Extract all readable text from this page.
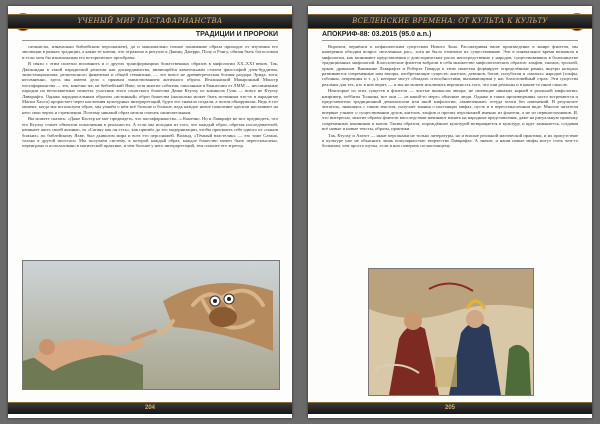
ҮЧЕНЫЙ МИР ПАСТАФАРИАНСТВА
ТРАДИЦИИ И ПРОРОКИ

сатанисты, изначально библейским персонажем), да и максимально точное понимание образа приходит от изучения его эволюции в рамках традиции, а какие ее ключи, что отражено в ритуале к Джину, Джерри, Полу и Рэнгу, обязан быть богословом и если хотя бы изначальным его историческое прообразы.

В связи с этим полезно вспомнить и о других трансформациях божественных образов в мифологии XX–XXI веков. Так, Джокондия в такой парадигмой религии как дискордианства, являющейся язвительным стилем философий дзен-буддизма, экзистенциализма, религиозного фанатизма и общей семантики, — это вовсе не древнегреческая богиня раздора Эрида, хотя, несомненно, здесь мы имеем дело с прямым заимствованием античного образа. Итальянский Макаронный Монстр пастафарианства — это, конечно же, не библейский Яхве, хотя многие события, описанные в Евангелии от ЛММ — несомненные пародии на ветхозаветные сюжеты: участник этого сенатского божества Дюки Ктулху из комиксов Гуин — вовсе не Ктулху Лавкрафта. Однако парадоксальным образом «истинный» образ божества (насколько может быть истинным что-то в парадигме Магии Хаоса) прорастает через наслоения культурных интерпретаций, будто его сначала создали, а потом обнаружили. Ведь в тот момент, когда мы используем образ, мы узнаём о нём всё больше и больше, ведь каждое новое поколение адептов наслаивает на него свои черты и стремления. Поэтому никакой образ нельзя считать окончательным.

Вы можете сказать: «Даже Кастер не мог предвидеть, что пастафарианство...» Конечно. Но и Лавкрафт не мог предвидеть, что его Ктулху станет объектом поклонения в реальности. А если мы исходим из того, что каждый образ, обретая последователей, начинает жить своей жизнью, то «Сатану как он есть», как пришёл до его модернизации, чтобы присвоить себе одного из «сынов божьих» по библейскому Яхве, был дьяволом мира и всех его персонажей. Воланд, «Тёмный властелин» — это тоже Сатана, только в другой ипостаси. Мы получаем систему, в которой каждый образ, каждое божество может быть переосмыслено, переиграно и использовано в магической практике, и чем больше у него интерпретаций, тем сильнее его эгрегор.

204
ВСЕЛЕНСКИЕ ВРЕМЕНА: ОТ КУЛЬТА К КУЛЬТУ
АПОКРИФ-88: 03.2015 (95.0 a.n.)

Впрочем, вернёмся к нефилическим существам Нового Зона. Рассматривая ваше произведение в жанре фэнтези, мы намеренно обходим вопрос «вселенных рас», хотя не было отмечено их существование. Эти в изначальное время возникли в мифологии, как возникают представления о доисторических расах непосредственно у народов, существовавших в большинстве традиционных мифологий. Классические фэнтези вобрали в себя множество мифологических образов: эльфов, гномов, троллей, орков, драконов. Внимание Лавкрафта и Роберта Говарда к этим сюжетам формирует определённые рамки, внутри которых развиваются современные нам авторы, изобретающие существ: ангелов, демонов, богов, полубогов и «малых» народов (эльфы, гоблины, лепреконы и т. д.), которые могут обладать способностями, вызывающими у нас благоговейный страх. Эти существа реальны для тех, кто в них верит, — и мы не можем исключить вероятность того, что они реальны и в каком-то ином смысле.

Некоторые из этих существ в фэнтези — чистые вымыслы автора, не имеющие никаких корней в реальной мифологии; например, хоббиты Толкина, все они — «в какой-то мере» обычные люди. Однако в таких произведениях часто встречаются и представители традиционной демонологии или иной мифологии, «вывезенные» оттуда почти без изменений. В результате читатель, знакомясь с таким текстом, получает знания о настоящих мифах, пусть и в переосмысленном виде. Многие читатели впервые узнают о существовании духов, ангелов, эльфов и прочих персонажей именно из фэнтези, а не из первоисточников. И, что интересно, многие образы фэнтези впоследствии начинают влиять на народные представления, даже на ритуальную практику современных язычников и магов. Таким образом, порождённое культурой возвращается в культуру, и круг замыкается, создавая всё новые и новые тексты, образы, практики.

Так, Ктулху и Азатот — ныне персонажи не только литературы, но и вполне реальной магической практики, и их присутствие в культуре уже не объяснить лишь популярностью творчества Лавкрафта. А значит, и наши новые мифы могут стать чем-то большим, чем просто шутка, если в них поверить по-настоящему.

205
